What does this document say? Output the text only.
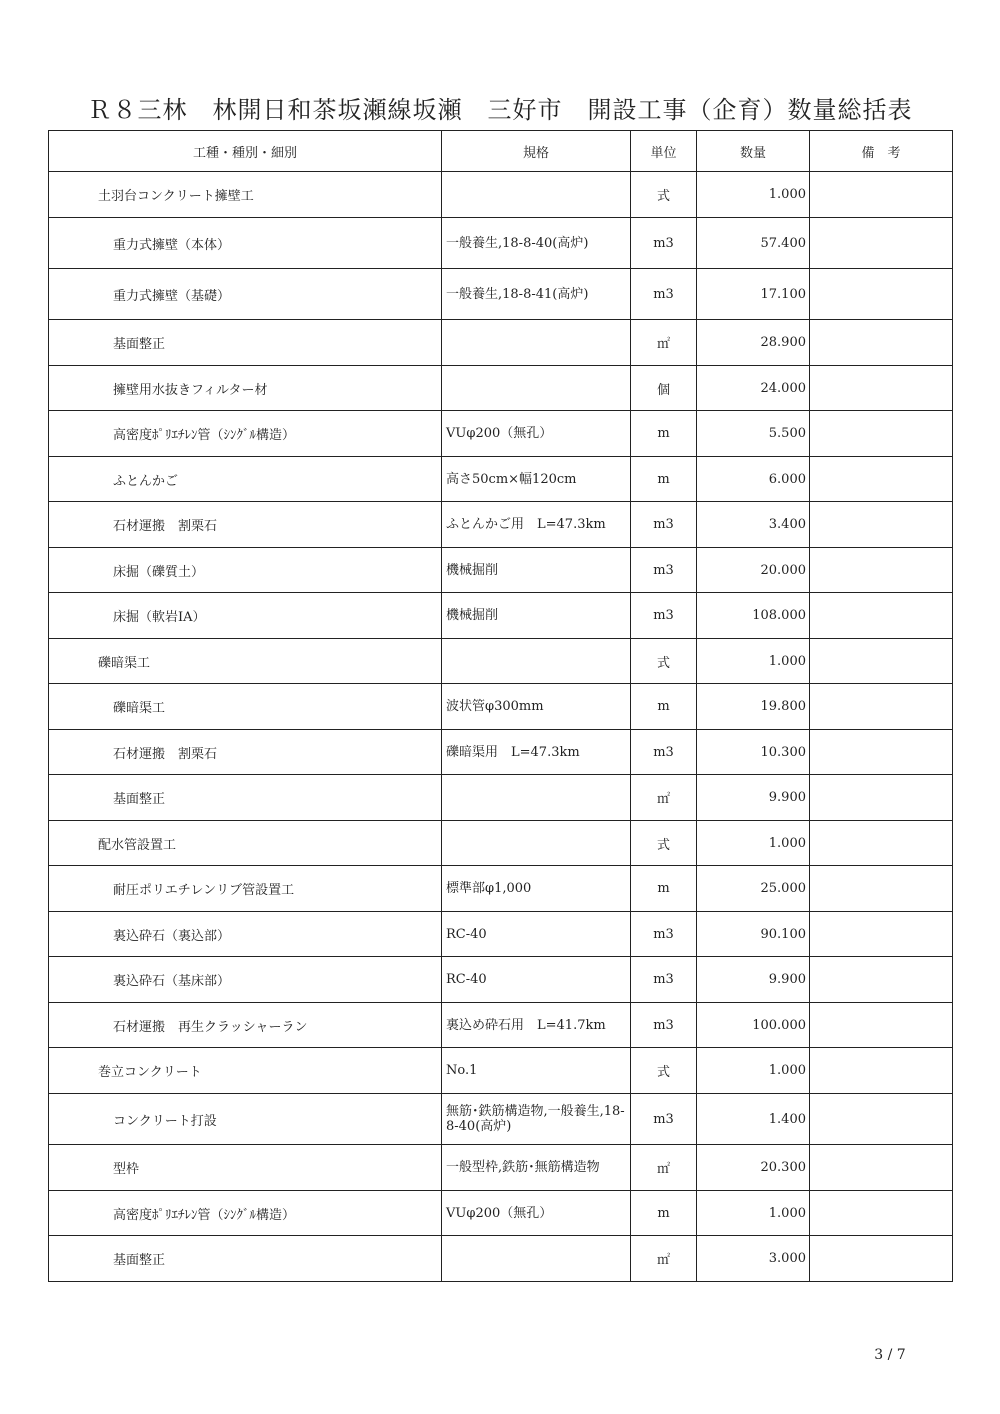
Ｒ８三林　林開日和茶坂瀬線坂瀬　三好市　開設工事（企育）数量総括表
工種・種別・細別	規格	単位	数量	備　考
土羽台コンクリート擁壁工		式	1.000	
重力式擁壁（本体）	一般養生,18-8-40(高炉)	m3	57.400	
重力式擁壁（基礎）	一般養生,18-8-41(高炉)	m3	17.100	
基面整正		㎡	28.900	
擁壁用水抜きフィルター材		個	24.000	
高密度ﾎﾟﾘｴﾁﾚﾝ管（ｼﾝｸﾞﾙ構造）	VUφ200（無孔）	m	5.500	
ふとんかご	高さ50cm×幅120cm	m	6.000	
石材運搬　割栗石	ふとんかご用　L=47.3km	m3	3.400	
床掘（礫質土）	機械掘削	m3	20.000	
床掘（軟岩ⅠA）	機械掘削	m3	108.000	
礫暗渠工		式	1.000	
礫暗渠工	波状管φ300mm	m	19.800	
石材運搬　割栗石	礫暗渠用　L=47.3km	m3	10.300	
基面整正		㎡	9.900	
配水管設置工		式	1.000	
耐圧ポリエチレンリブ管設置工	標準部φ1,000	m	25.000	
裏込砕石（裏込部）	RC-40	m3	90.100	
裏込砕石（基床部）	RC-40	m3	9.900	
石材運搬　再生クラッシャーラン	裏込め砕石用　L=41.7km	m3	100.000	
巻立コンクリート	No.1	式	1.000	
コンクリート打設	無筋･鉄筋構造物,一般養生,18-8-40(高炉)	m3	1.400	
型枠	一般型枠,鉄筋･無筋構造物	㎡	20.300	
高密度ﾎﾟﾘｴﾁﾚﾝ管（ｼﾝｸﾞﾙ構造）	VUφ200（無孔）	m	1.000	
基面整正		㎡	3.000	
3 / 7
